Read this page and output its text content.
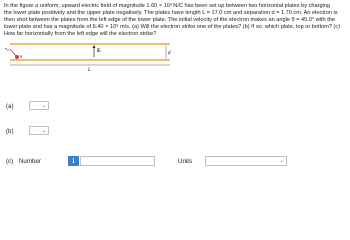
In the figure a uniform, upward electric field of magnitude 1.60 × 10³ N/C has been set up between two horizontal plates by charging
the lower plate positively and the upper plate negatively. The plates have length L = 17.0 cm and separation d = 1.70 cm. An electron is
then shot between the plates from the left edge of the lower plate. The initial velocity of the electron makes an angle θ = 45.0° with the
lower plate and has a magnitude of 6.40 × 10⁶ m/s. (a) Will the electron strike one of the plates? (b) If so, which plate, top or bottom? (c)
How far horizontally from the left edge will the electron strike?
E	d
v₀
θ
L
(a)	⌄
(b)	⌄
(c) Number	i	Units	⌄
